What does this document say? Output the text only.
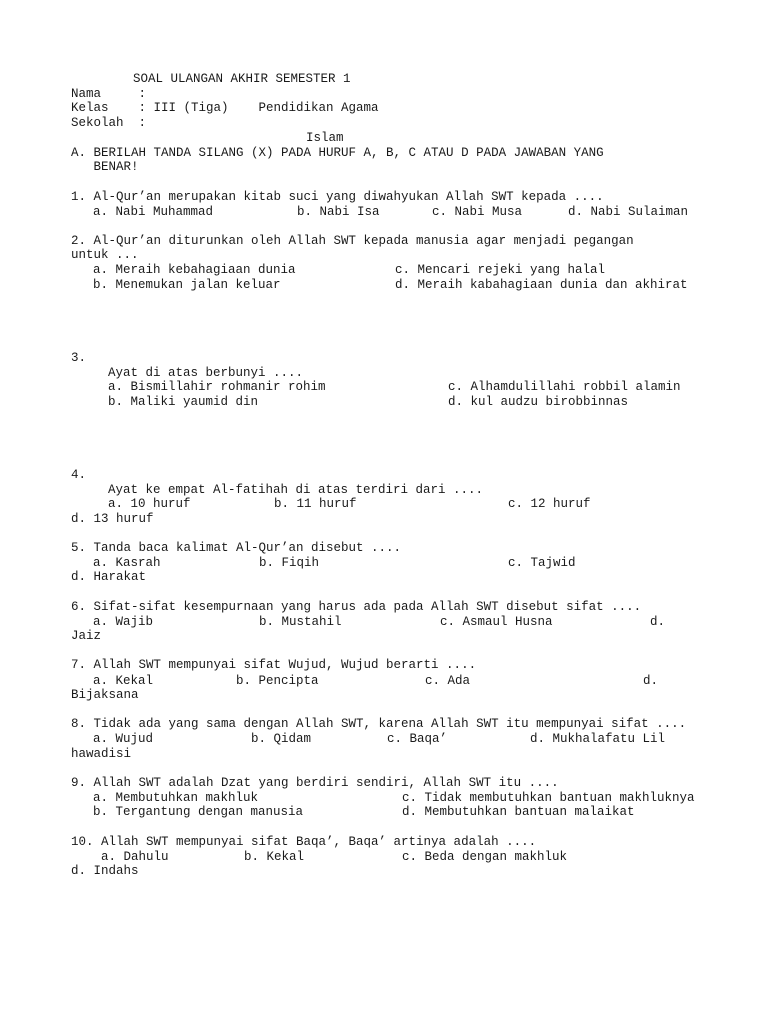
SOAL ULANGAN AKHIR SEMESTER 1
Nama     :
Kelas    : III (Tiga)    Pendidikan Agama
Sekolah  :
Islam
A. BERILAH TANDA SILANG (X) PADA HURUF A, B, C ATAU D PADA JAWABAN YANG
BENAR!
1. Al-Qur’an merupakan kitab suci yang diwahyukan Allah SWT kepada ....
a. Nabi Muhammad	b. Nabi Isa	c. Nabi Musa	d. Nabi Sulaiman
2. Al-Qur’an diturunkan oleh Allah SWT kepada manusia agar menjadi pegangan
untuk ...
a. Meraih kebahagiaan dunia	c. Mencari rejeki yang halal
b. Menemukan jalan keluar	d. Meraih kabahagiaan dunia dan akhirat
3.
Ayat di atas berbunyi ....
a. Bismillahir rohmanir rohim	c. Alhamdulillahi robbil alamin
b. Maliki yaumid din	d. kul audzu birobbinnas
4.
Ayat ke empat Al-fatihah di atas terdiri dari ....
a. 10 huruf	b. 11 huruf	c. 12 huruf
d. 13 huruf
5. Tanda baca kalimat Al-Qur’an disebut ....
a. Kasrah	b. Fiqih	c. Tajwid
d. Harakat
6. Sifat-sifat kesempurnaan yang harus ada pada Allah SWT disebut sifat ....
a. Wajib	b. Mustahil	c. Asmaul Husna	d.
Jaiz
7. Allah SWT mempunyai sifat Wujud, Wujud berarti ....
a. Kekal	b. Pencipta	c. Ada	d.
Bijaksana
8. Tidak ada yang sama dengan Allah SWT, karena Allah SWT itu mempunyai sifat ....
a. Wujud	b. Qidam	c. Baqa’	d. Mukhalafatu Lil
hawadisi
9. Allah SWT adalah Dzat yang berdiri sendiri, Allah SWT itu ....
a. Membutuhkan makhluk	c. Tidak membutuhkan bantuan makhluknya
b. Tergantung dengan manusia	d. Membutuhkan bantuan malaikat
10. Allah SWT mempunyai sifat Baqa’, Baqa’ artinya adalah ....
a. Dahulu	b. Kekal	c. Beda dengan makhluk
d. Indahs
